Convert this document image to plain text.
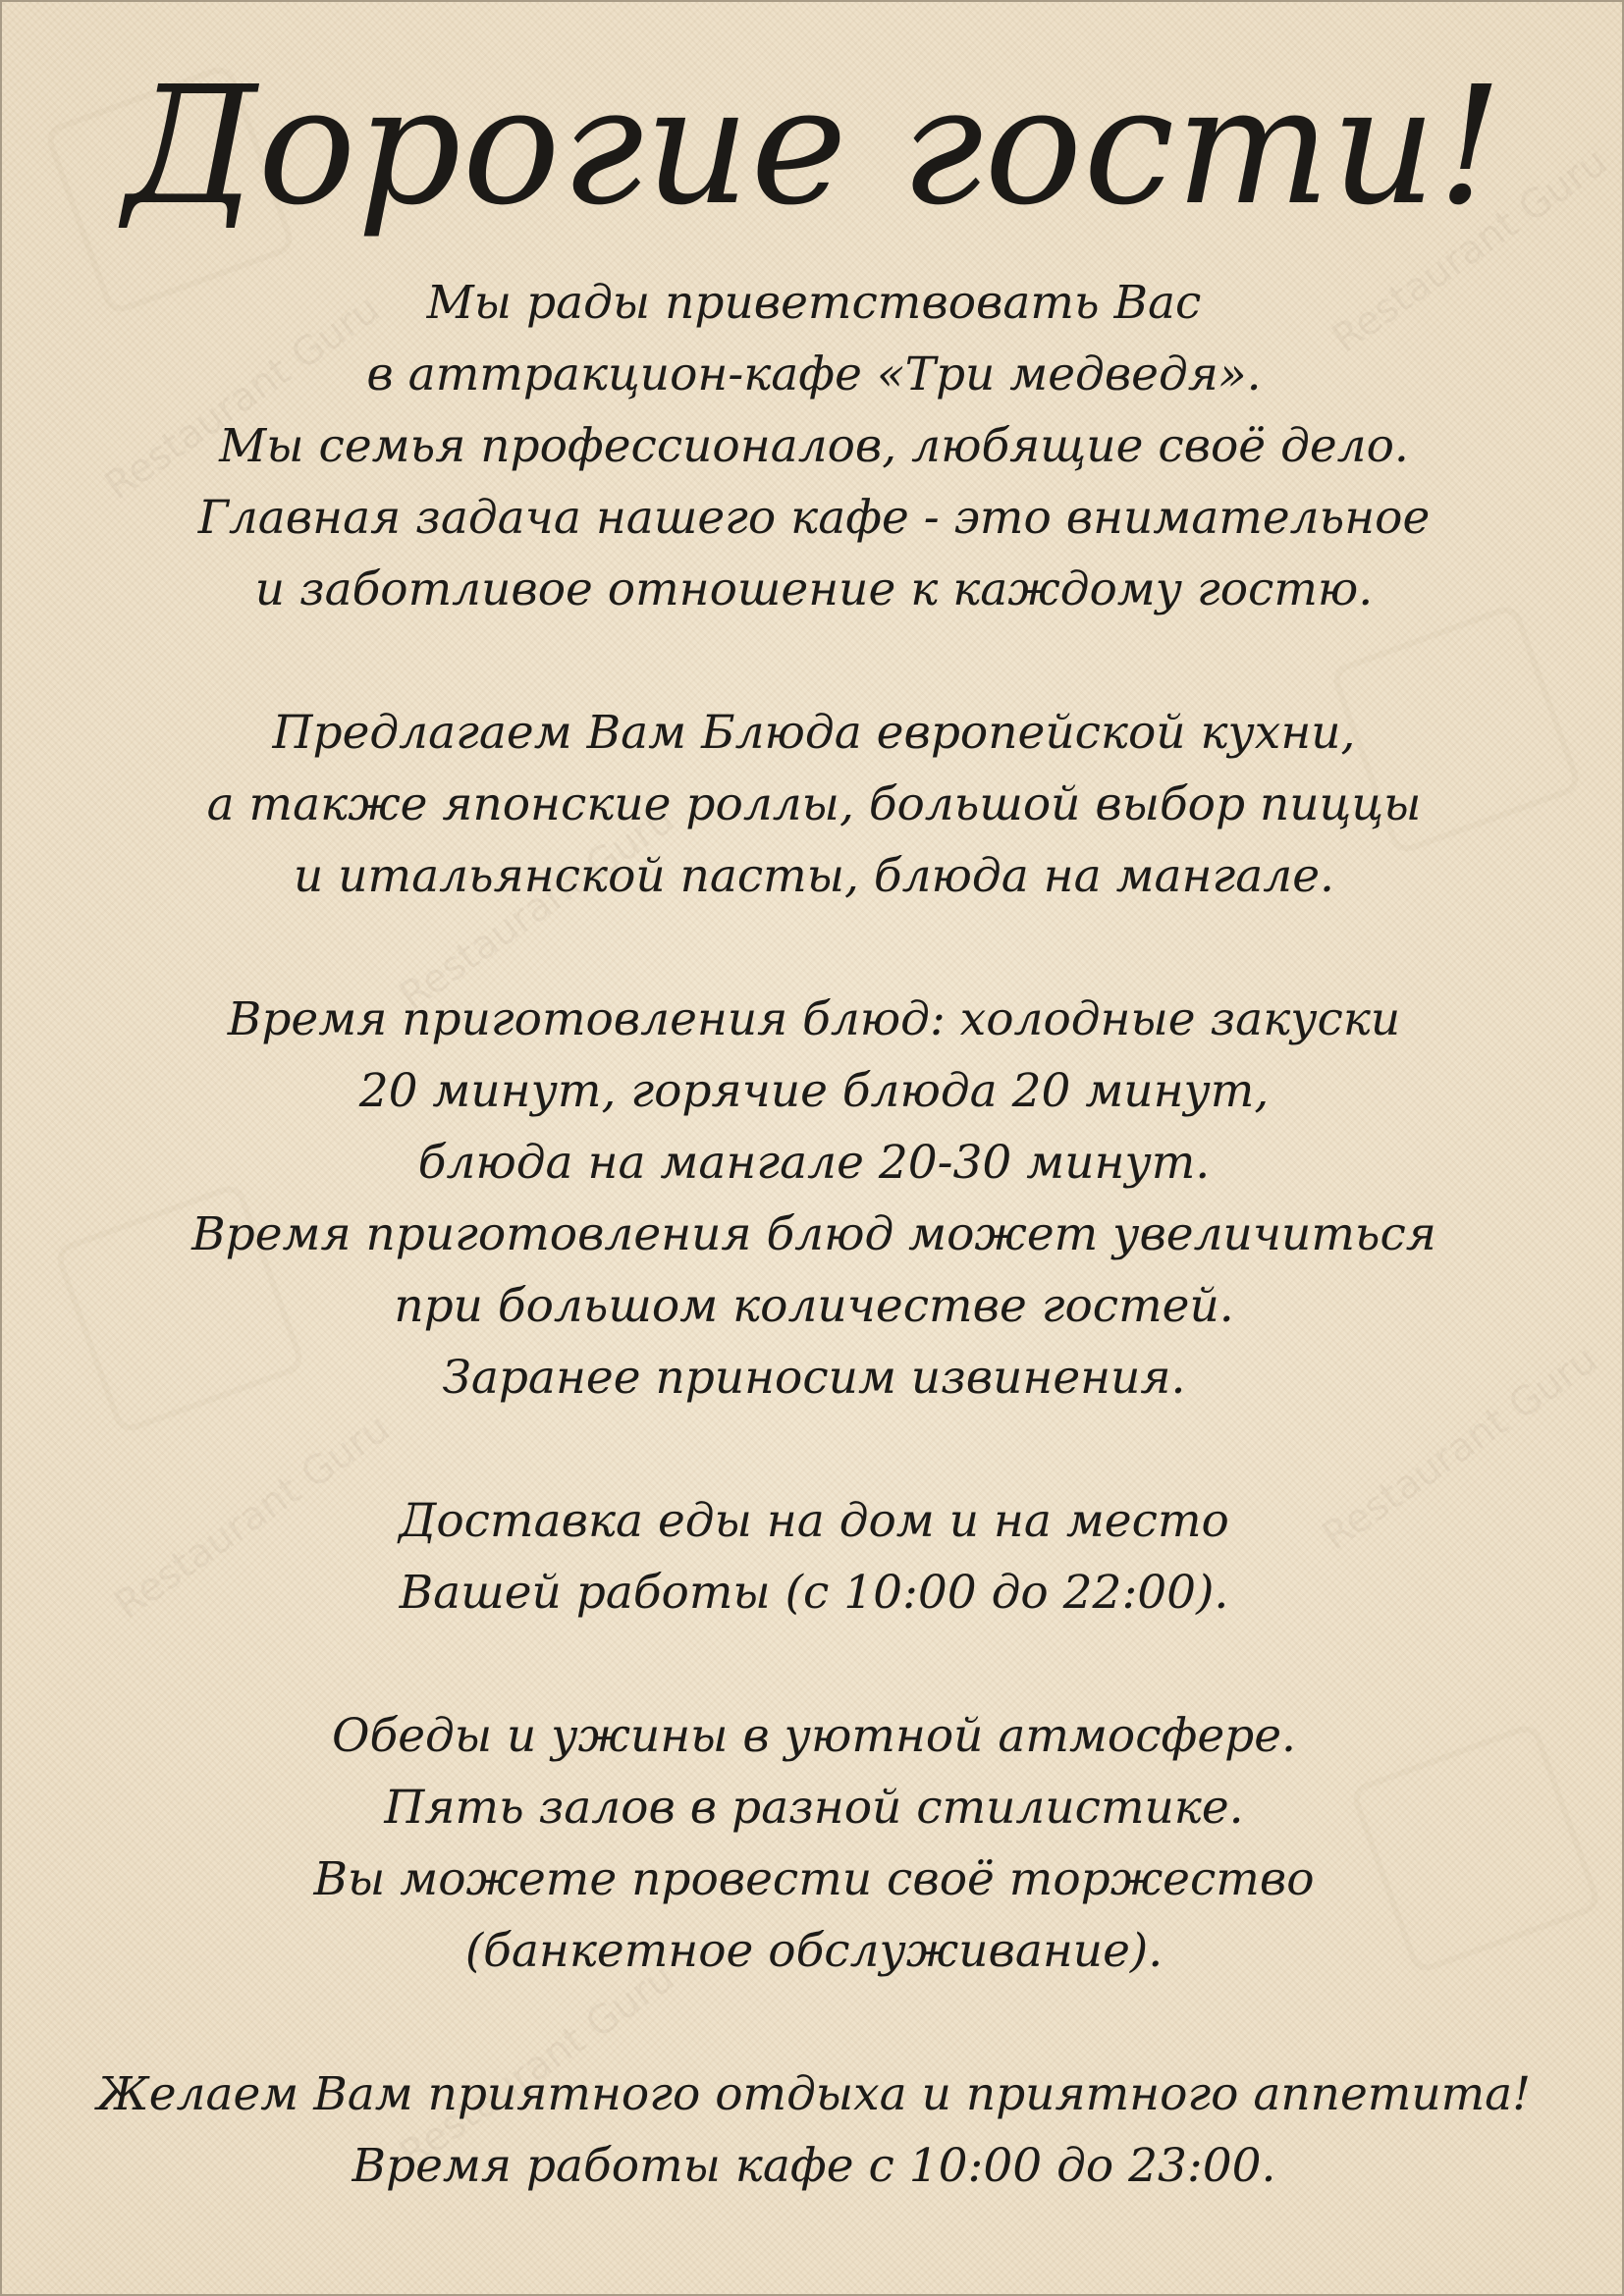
Restaurant Guru
Restaurant Guru
Restaurant Guru
Restaurant Guru
Restaurant Guru
Restaurant Guru
Дорогие гости!
Мы рады приветствовать Вас
в аттракцион-кафе «Три медведя».
Мы семья профессионалов, любящие своё дело.
Главная задача нашего кафе - это внимательное
и заботливое отношение к каждому гостю.
Предлагаем Вам Блюда европейской кухни,
а также японские роллы, большой выбор пиццы
и итальянской пасты, блюда на мангале.
Время приготовления блюд: холодные закуски
20 минут, горячие блюда 20 минут,
блюда на мангале 20-30 минут.
Время приготовления блюд может увеличиться
при большом количестве гостей.
Заранее приносим извинения.
Доставка еды на дом и на место
Вашей работы (с 10:00 до 22:00).
Обеды и ужины в уютной атмосфере.
Пять залов в разной стилистике.
Вы можете провести своё торжество
(банкетное обслуживание).
Желаем Вам приятного отдыха и приятного аппетита!
Время работы кафе с 10:00 до 23:00.
